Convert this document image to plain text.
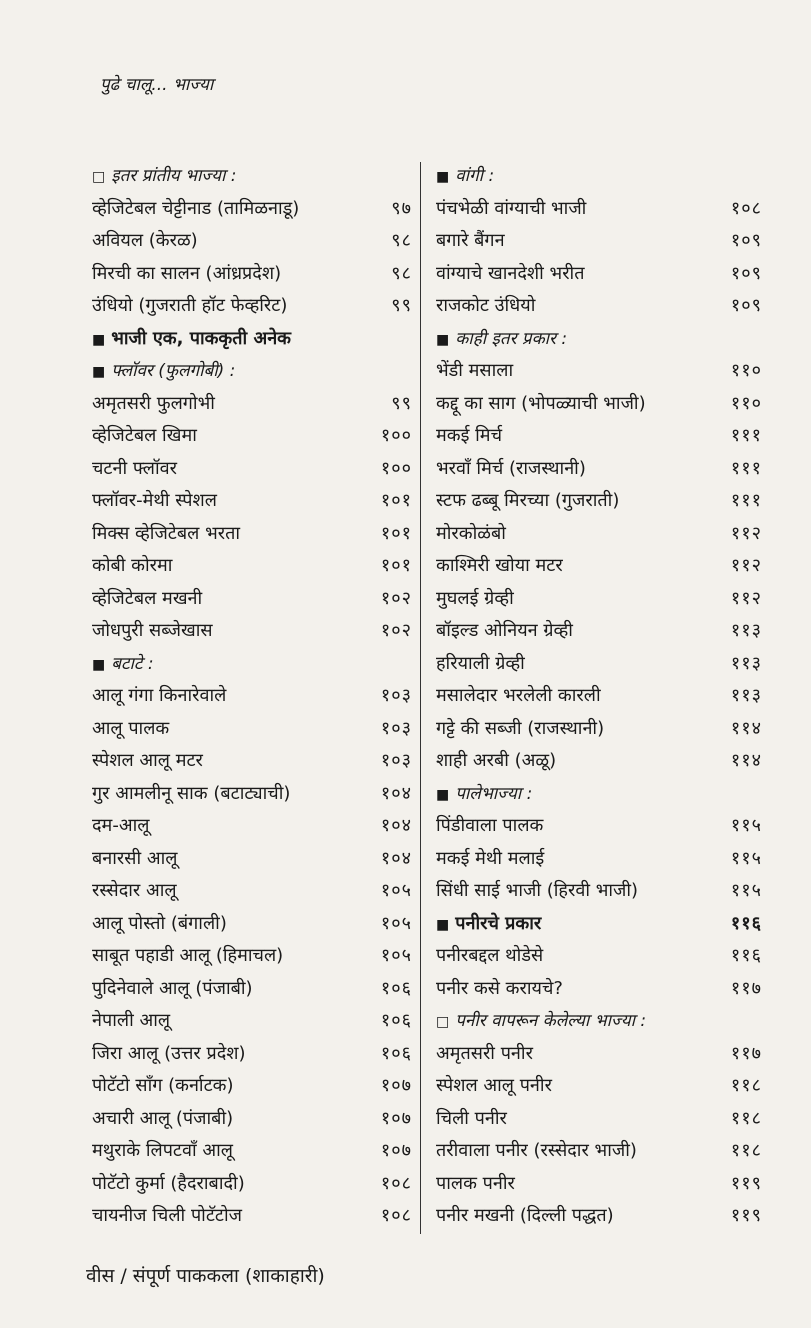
पुढे चालू... भाज्या
□ इतर प्रांतीय भाज्या :
व्हेजिटेबल चेट्टीनाड (तामिळनाडू)	९७
अवियल (केरळ)	९८
मिरची का सालन (आंध्रप्रदेश)	९८
उंधियो (गुजराती हॉट फेव्हरिट)	९९
■ भाजी एक, पाककृती अनेक
■ फ्लॉवर (फुलगोबी) :
अमृतसरी फुलगोभी	९९
व्हेजिटेबल खिमा	१००
चटनी फ्लॉवर	१००
फ्लॉवर-मेथी स्पेशल	१०१
मिक्स व्हेजिटेबल भरता	१०१
कोबी कोरमा	१०१
व्हेजिटेबल मखनी	१०२
जोधपुरी सब्जेखास	१०२
■ बटाटे :
आलू गंगा किनारेवाले	१०३
आलू पालक	१०३
स्पेशल आलू मटर	१०३
गुर आमलीनू साक (बटाट्याची)	१०४
दम-आलू	१०४
बनारसी आलू	१०४
रस्सेदार आलू	१०५
आलू पोस्तो (बंगाली)	१०५
साबूत पहाडी आलू (हिमाचल)	१०५
पुदिनेवाले आलू (पंजाबी)	१०६
नेपाली आलू	१०६
जिरा आलू (उत्तर प्रदेश)	१०६
पोटॅटो सॉंग (कर्नाटक)	१०७
अचारी आलू (पंजाबी)	१०७
मथुराके लिपटवाँ आलू	१०७
पोटॅटो कुर्मा (हैदराबादी)	१०८
चायनीज चिली पोटॅटोज	१०८
■ वांगी :
पंचभेळी वांग्याची भाजी	१०८
बगारे बैंगन	१०९
वांग्याचे खानदेशी भरीत	१०९
राजकोट उंधियो	१०९
■ काही इतर प्रकार :
भेंडी मसाला	११०
कद्दू का साग (भोपळ्याची भाजी)	११०
मकई मिर्च	१११
भरवाँ मिर्च (राजस्थानी)	१११
स्टफ ढब्बू मिरच्या (गुजराती)	१११
मोरकोळंबो	११२
काश्मिरी खोया मटर	११२
मुघलई ग्रेव्ही	११२
बॉइल्ड ओनियन ग्रेव्ही	११३
हरियाली ग्रेव्ही	११३
मसालेदार भरलेली कारली	११३
गट्टे की सब्जी (राजस्थानी)	११४
शाही अरबी (अळू)	११४
■ पालेभाज्या :
पिंडीवाला पालक	११५
मकई मेथी मलाई	११५
सिंधी साई भाजी (हिरवी भाजी)	११५
■ पनीरचे प्रकार	११६
पनीरबद्दल थोडेसे	११६
पनीर कसे करायचे?	११७
□ पनीर वापरून केलेल्या भाज्या :
अमृतसरी पनीर	११७
स्पेशल आलू पनीर	११८
चिली पनीर	११८
तरीवाला पनीर (रस्सेदार भाजी)	११८
पालक पनीर	११९
पनीर मखनी (दिल्ली पद्धत)	११९
वीस / संपूर्ण पाककला (शाकाहारी)
